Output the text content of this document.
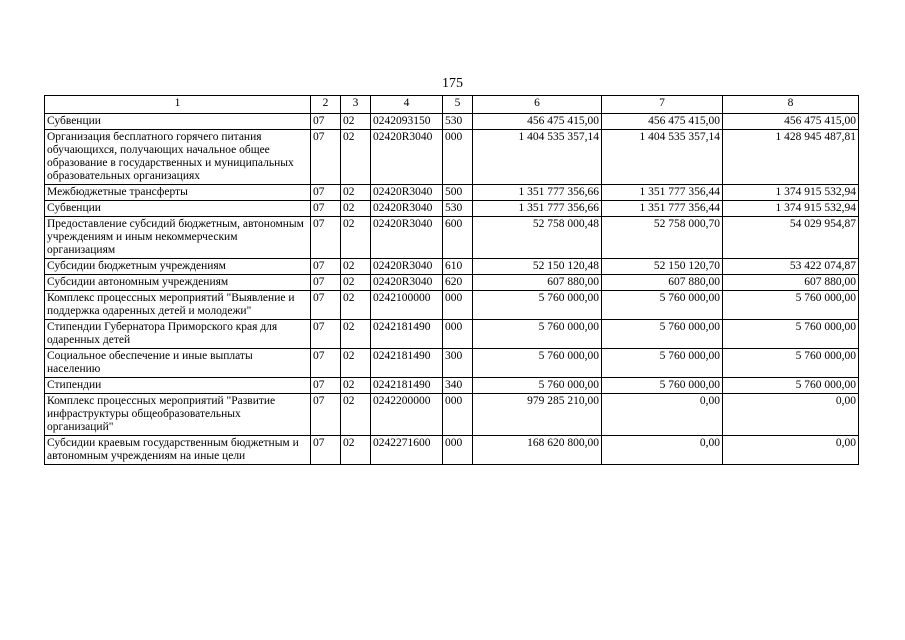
175
1	2	3	4	5	6	7	8
Субвенции	07	02	0242093150	530	456 475 415,00	456 475 415,00	456 475 415,00
Организация бесплатного горячего питания обучающихся, получающих начальное общее образование в государственных и муниципальных образовательных организациях	07	02	02420R3040	000	1 404 535 357,14	1 404 535 357,14	1 428 945 487,81
Межбюджетные трансферты	07	02	02420R3040	500	1 351 777 356,66	1 351 777 356,44	1 374 915 532,94
Субвенции	07	02	02420R3040	530	1 351 777 356,66	1 351 777 356,44	1 374 915 532,94
Предоставление субсидий бюджетным, автономным учреждениям и иным некоммерческим организациям	07	02	02420R3040	600	52 758 000,48	52 758 000,70	54 029 954,87
Субсидии бюджетным учреждениям	07	02	02420R3040	610	52 150 120,48	52 150 120,70	53 422 074,87
Субсидии автономным учреждениям	07	02	02420R3040	620	607 880,00	607 880,00	607 880,00
Комплекс процессных мероприятий "Выявление и поддержка одаренных детей и молодежи"	07	02	0242100000	000	5 760 000,00	5 760 000,00	5 760 000,00
Стипендии Губернатора Приморского края для одаренных детей	07	02	0242181490	000	5 760 000,00	5 760 000,00	5 760 000,00
Социальное обеспечение и иные выплаты населению	07	02	0242181490	300	5 760 000,00	5 760 000,00	5 760 000,00
Стипендии	07	02	0242181490	340	5 760 000,00	5 760 000,00	5 760 000,00
Комплекс процессных мероприятий "Развитие инфраструктуры общеобразовательных организаций"	07	02	0242200000	000	979 285 210,00	0,00	0,00
Субсидии краевым государственным бюджетным и автономным учреждениям на иные цели	07	02	0242271600	000	168 620 800,00	0,00	0,00
